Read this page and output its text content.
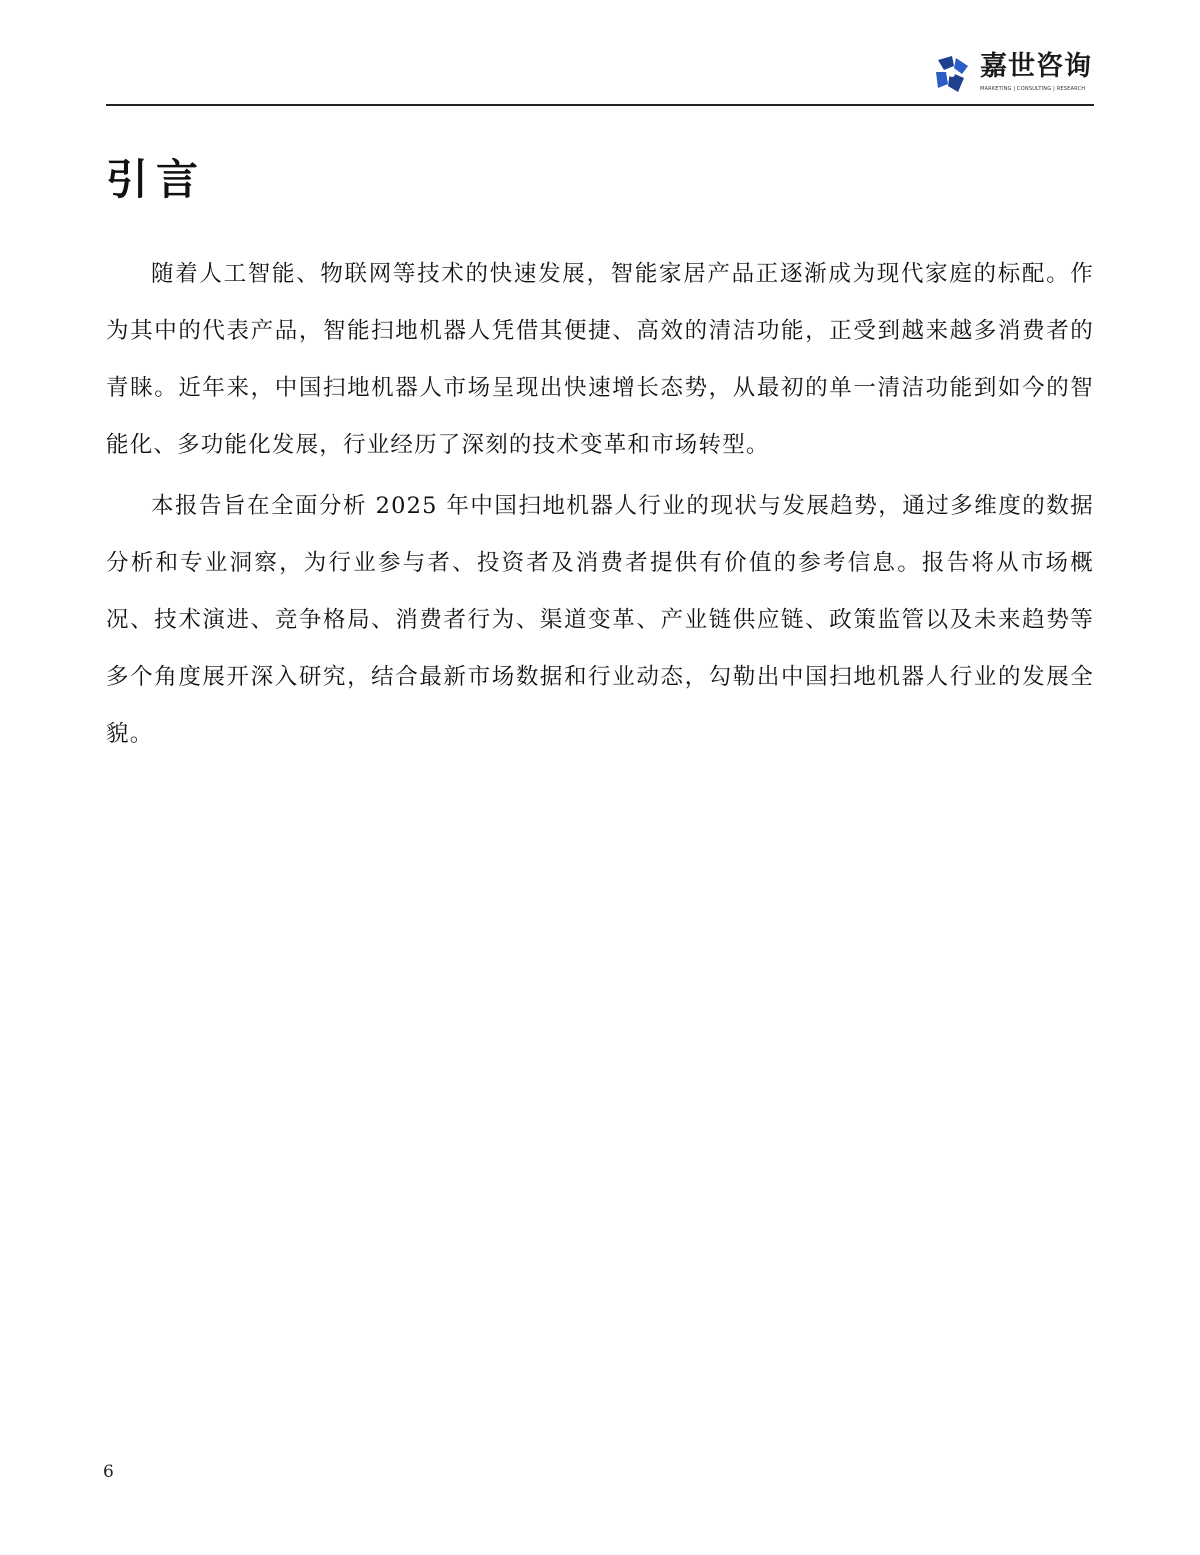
嘉世咨询
MARKETING | CONSULTING | RESEARCH
引言

随着人工智能、物联网等技术的快速发展，智能家居产品正逐渐成为现代家庭的标配。作为其中的代表产品，智能扫地机器人凭借其便捷、高效的清洁功能，正受到越来越多消费者的青睐。近年来，中国扫地机器人市场呈现出快速增长态势，从最初的单一清洁功能到如今的智能化、多功能化发展，行业经历了深刻的技术变革和市场转型。

本报告旨在全面分析 2025 年中国扫地机器人行业的现状与发展趋势，通过多维度的数据分析和专业洞察，为行业参与者、投资者及消费者提供有价值的参考信息。报告将从市场概况、技术演进、竞争格局、消费者行为、渠道变革、产业链供应链、政策监管以及未来趋势等多个角度展开深入研究，结合最新市场数据和行业动态，勾勒出中国扫地机器人行业的发展全貌。

6
